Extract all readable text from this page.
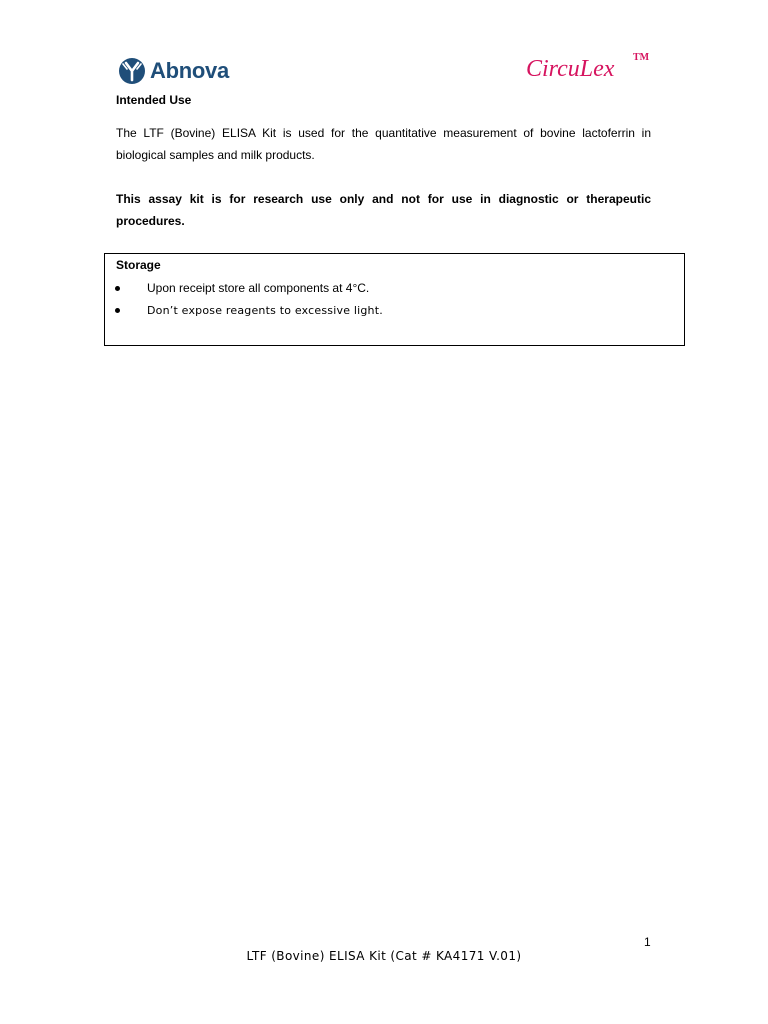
Abnova	CircuLex TM
Intended Use
The LTF (Bovine) ELISA Kit is used for the quantitative measurement of bovine lactoferrin in biological samples and milk products.
This assay kit is for research use only and not for use in diagnostic or therapeutic procedures.
Storage
Upon receipt store all components at 4°C.
Don’t expose reagents to excessive light.
1
LTF (Bovine) ELISA Kit (Cat # KA4171 V.01)
